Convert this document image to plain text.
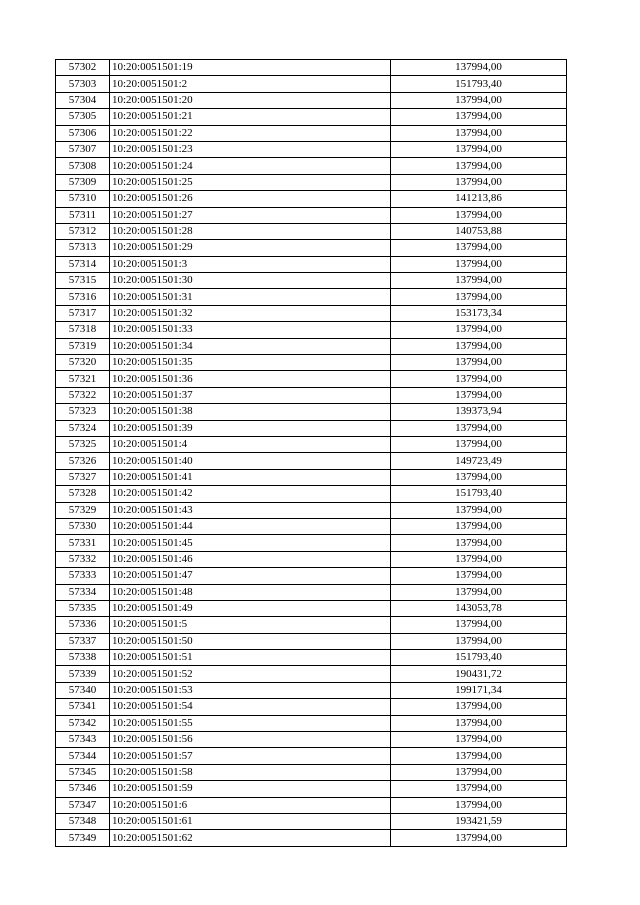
57302	10:20:0051501:19	137994,00
57303	10:20:0051501:2	151793,40
57304	10:20:0051501:20	137994,00
57305	10:20:0051501:21	137994,00
57306	10:20:0051501:22	137994,00
57307	10:20:0051501:23	137994,00
57308	10:20:0051501:24	137994,00
57309	10:20:0051501:25	137994,00
57310	10:20:0051501:26	141213,86
57311	10:20:0051501:27	137994,00
57312	10:20:0051501:28	140753,88
57313	10:20:0051501:29	137994,00
57314	10:20:0051501:3	137994,00
57315	10:20:0051501:30	137994,00
57316	10:20:0051501:31	137994,00
57317	10:20:0051501:32	153173,34
57318	10:20:0051501:33	137994,00
57319	10:20:0051501:34	137994,00
57320	10:20:0051501:35	137994,00
57321	10:20:0051501:36	137994,00
57322	10:20:0051501:37	137994,00
57323	10:20:0051501:38	139373,94
57324	10:20:0051501:39	137994,00
57325	10:20:0051501:4	137994,00
57326	10:20:0051501:40	149723,49
57327	10:20:0051501:41	137994,00
57328	10:20:0051501:42	151793,40
57329	10:20:0051501:43	137994,00
57330	10:20:0051501:44	137994,00
57331	10:20:0051501:45	137994,00
57332	10:20:0051501:46	137994,00
57333	10:20:0051501:47	137994,00
57334	10:20:0051501:48	137994,00
57335	10:20:0051501:49	143053,78
57336	10:20:0051501:5	137994,00
57337	10:20:0051501:50	137994,00
57338	10:20:0051501:51	151793,40
57339	10:20:0051501:52	190431,72
57340	10:20:0051501:53	199171,34
57341	10:20:0051501:54	137994,00
57342	10:20:0051501:55	137994,00
57343	10:20:0051501:56	137994,00
57344	10:20:0051501:57	137994,00
57345	10:20:0051501:58	137994,00
57346	10:20:0051501:59	137994,00
57347	10:20:0051501:6	137994,00
57348	10:20:0051501:61	193421,59
57349	10:20:0051501:62	137994,00
